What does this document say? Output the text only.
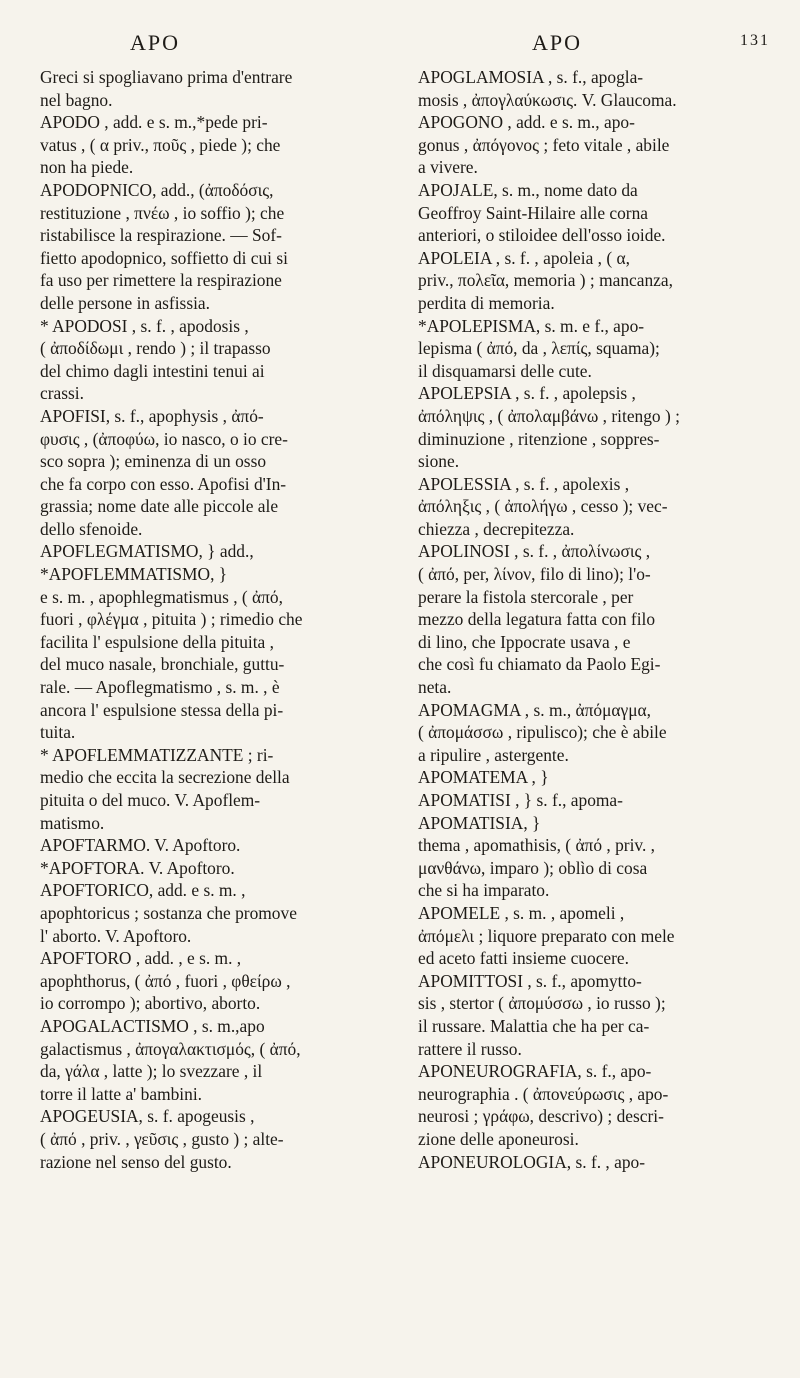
APO	APO	131
Greci si spogliavano prima d'entrare
nel bagno.
APODO , add. e s. m.,*pede pri-
vatus , ( α priv., ποῦς , piede ); che
non ha piede.
APODOPNICO, add., (ἀποδόσις,
restituzione , πνέω , io soffio ); che
ristabilisce la respirazione. — Sof-
fietto apodopnico, soffietto di cui si
fa uso per rimettere la respirazione
delle persone in asfissia.
* APODOSI , s. f. , apodosis ,
( ἀποδίδωμι , rendo ) ; il trapasso
del chimo dagli intestini tenui ai
crassi.
APOFISI, s. f., apophysis , ἀπό-
φυσις , (ἀποφύω, io nasco, o io cre-
sco sopra ); eminenza di un osso
che fa corpo con esso. Apofisi d'In-
grassia; nome date alle piccole ale
dello sfenoide.
APOFLEGMATISMO, } add.,
*APOFLEMMATISMO, }
e s. m. , apophlegmatismus , ( ἀπό,
fuori , φλέγμα , pituita ) ; rimedio che
facilita l' espulsione della pituita ,
del muco nasale, bronchiale, guttu-
rale. — Apoflegmatismo , s. m. , è
ancora l' espulsione stessa della pi-
tuita.
* APOFLEMMATIZZANTE ; ri-
medio che eccita la secrezione della
pituita o del muco. V. Apoflem-
matismo.
APOFTARMO. V. Apoftoro.
*APOFTORA. V. Apoftoro.
APOFTORICO, add. e s. m. ,
apophtoricus ; sostanza che promove
l' aborto. V. Apoftoro.
APOFTORO , add. , e s. m. ,
apophthorus, ( ἀπό , fuori , φθείρω ,
io corrompo ); abortivo, aborto.
APOGALACTISMO , s. m.,apo
galactismus , ἀπογαλακτισμός, ( ἀπό,
da, γάλα , latte ); lo svezzare , il
torre il latte a' bambini.
APOGEUSIA, s. f. apogeusis ,
( ἀπό , priv. , γεῦσις , gusto ) ; alte-
razione nel senso del gusto.
APOGLAMOSIA , s. f., apogla-
mosis , ἀπογλαύκωσις. V. Glaucoma.
APOGONO , add. e s. m., apo-
gonus , ἀπόγονος ; feto vitale , abile
a vivere.
APOJALE, s. m., nome dato da
Geoffroy Saint-Hilaire alle corna
anteriori, o stiloidee dell'osso ioide.
APOLEIA , s. f. , apoleia , ( α,
priv., πολεῖα, memoria ) ; mancanza,
perdita di memoria.
*APOLEPISMA, s. m. e f., apo-
lepisma ( ἀπό, da , λεπίς, squama);
il disquamarsi delle cute.
APOLEPSIA , s. f. , apolepsis ,
ἀπόληψις , ( ἀπολαμβάνω , ritengo ) ;
diminuzione , ritenzione , soppres-
sione.
APOLESSIA , s. f. , apolexis ,
ἀπόληξις , ( ἀπολήγω , cesso ); vec-
chiezza , decrepitezza.
APOLINOSI , s. f. , ἀπολίνωσις ,
( ἀπό, per, λίνον, filo di lino); l'o-
perare la fistola stercorale , per
mezzo della legatura fatta con filo
di lino, che Ippocrate usava , e
che così fu chiamato da Paolo Egi-
neta.
APOMAGMA , s. m., ἀπόμαγμα,
( ἀπομάσσω , ripulisco); che è abile
a ripulire , astergente.
APOMATEMA , }
APOMATISI , } s. f., apoma-
APOMATISIA, }
thema , apomathisis, ( ἀπό , priv. ,
μανθάνω, imparo ); oblìo di cosa
che si ha imparato.
APOMELE , s. m. , apomeli ,
ἀπόμελι ; liquore preparato con mele
ed aceto fatti insieme cuocere.
APOMITTOSI , s. f., apomytto-
sis , stertor ( ἀπομύσσω , io russo );
il russare. Malattia che ha per ca-
rattere il russo.
APONEUROGRAFIA, s. f., apo-
neurographia . ( ἀπονεύρωσις , apo-
neurosi ; γράφω, descrivo) ; descri-
zione delle aponeurosi.
APONEUROLOGIA, s. f. , apo-
